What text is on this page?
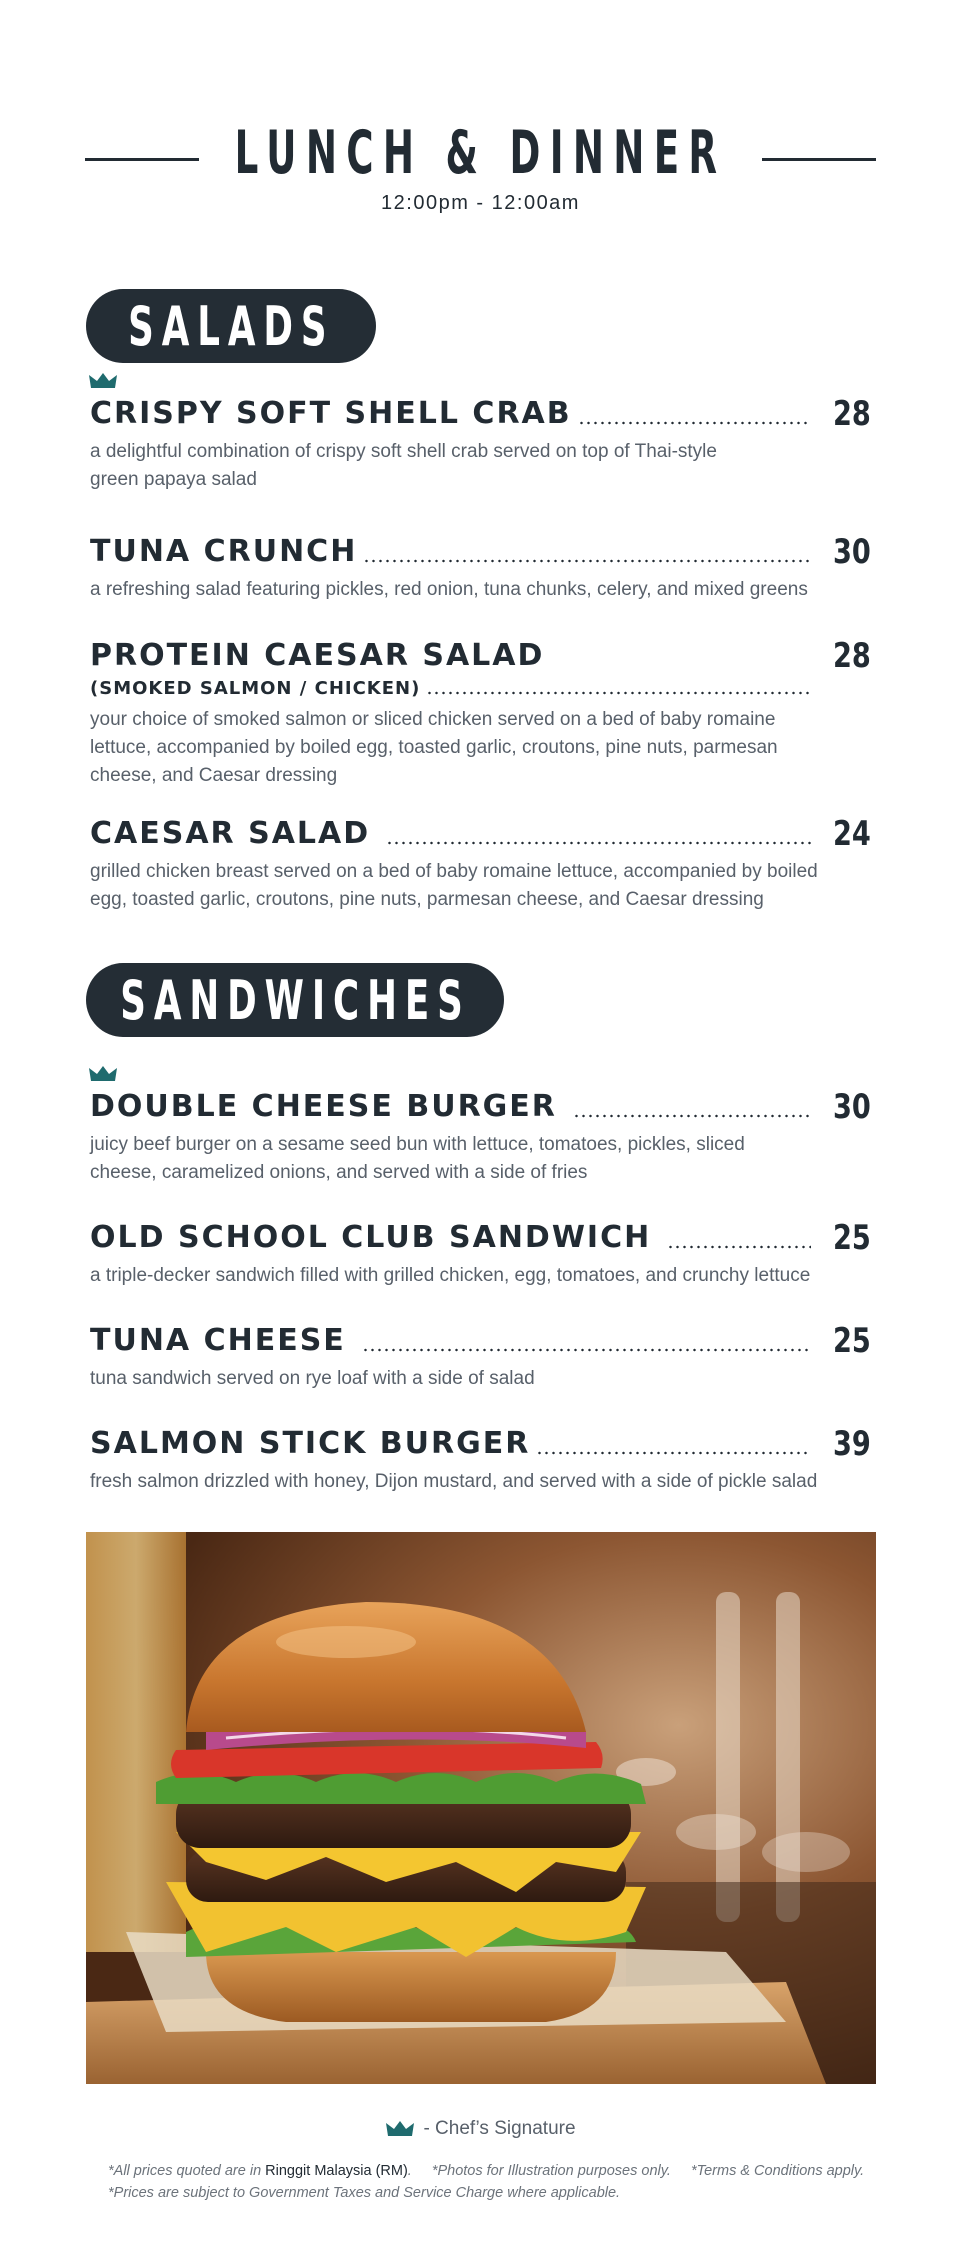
LUNCH & DINNER
12:00pm - 12:00am
SALADS
CRISPY SOFT SHELL CRAB	28
a delightful combination of crispy soft shell crab served on top of Thai-style green papaya salad
TUNA CRUNCH	30
a refreshing salad featuring pickles, red onion, tuna chunks, celery, and mixed greens
PROTEIN CAESAR SALAD	28
(SMOKED SALMON / CHICKEN)
your choice of smoked salmon or sliced chicken served on a bed of baby romaine lettuce, accompanied by boiled egg, toasted garlic, croutons, pine nuts, parmesan cheese, and Caesar dressing
CAESAR SALAD	24
grilled chicken breast served on a bed of baby romaine lettuce, accompanied by boiled egg, toasted garlic, croutons, pine nuts, parmesan cheese, and Caesar dressing
SANDWICHES
DOUBLE CHEESE BURGER	30
juicy beef burger on a sesame seed bun with lettuce, tomatoes, pickles, sliced cheese, caramelized onions, and served with a side of fries
OLD SCHOOL CLUB SANDWICH	25
a triple-decker sandwich filled with grilled chicken, egg, tomatoes, and crunchy lettuce
TUNA CHEESE	25
tuna sandwich served on rye loaf with a side of salad
SALMON STICK BURGER	39
fresh salmon drizzled with honey, Dijon mustard, and served with a side of pickle salad
- Chef’s Signature
*All prices quoted are in Ringgit Malaysia (RM). *Photos for Illustration purposes only. *Terms & Conditions apply.
*Prices are subject to Government Taxes and Service Charge where applicable.
